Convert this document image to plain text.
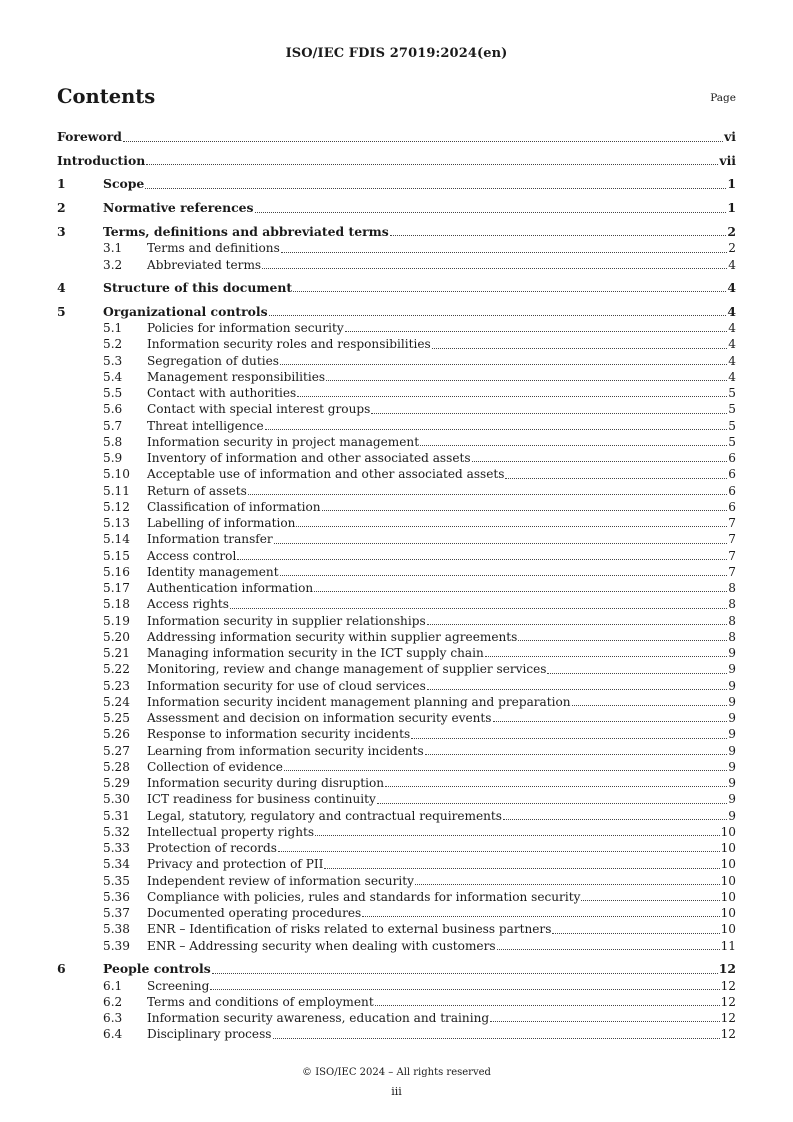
ISO/IEC FDIS 27019:2024(en)
Contents	Page
Foreword	vi
Introduction	vii
1	Scope	1
2	Normative references	1
3	Terms, definitions and abbreviated terms	2
3.1 Terms and definitions	2
3.2 Abbreviated terms	4
4	Structure of this document	4
5	Organizational controls	4
5.1 Policies for information security	4
5.2 Information security roles and responsibilities	4
5.3 Segregation of duties	4
5.4 Management responsibilities	4
5.5 Contact with authorities	5
5.6 Contact with special interest groups	5
5.7 Threat intelligence	5
5.8 Information security in project management	5
5.9 Inventory of information and other associated assets	6
5.10 Acceptable use of information and other associated assets	6
5.11 Return of assets	6
5.12 Classification of information	6
5.13 Labelling of information	7
5.14 Information transfer	7
5.15 Access control	7
5.16 Identity management	7
5.17 Authentication information	8
5.18 Access rights	8
5.19 Information security in supplier relationships	8
5.20 Addressing information security within supplier agreements	8
5.21 Managing information security in the ICT supply chain	9
5.22 Monitoring, review and change management of supplier services	9
5.23 Information security for use of cloud services	9
5.24 Information security incident management planning and preparation	9
5.25 Assessment and decision on information security events	9
5.26 Response to information security incidents	9
5.27 Learning from information security incidents	9
5.28 Collection of evidence	9
5.29 Information security during disruption	9
5.30 ICT readiness for business continuity	9
5.31 Legal, statutory, regulatory and contractual requirements	9
5.32 Intellectual property rights	10
5.33 Protection of records	10
5.34 Privacy and protection of PII	10
5.35 Independent review of information security	10
5.36 Compliance with policies, rules and standards for information security	10
5.37 Documented operating procedures	10
5.38 ENR – Identification of risks related to external business partners	10
5.39 ENR – Addressing security when dealing with customers	11
6	People controls	12
6.1 Screening	12
6.2 Terms and conditions of employment	12
6.3 Information security awareness, education and training	12
6.4 Disciplinary process	12
© ISO/IEC 2024 – All rights reserved
iii
